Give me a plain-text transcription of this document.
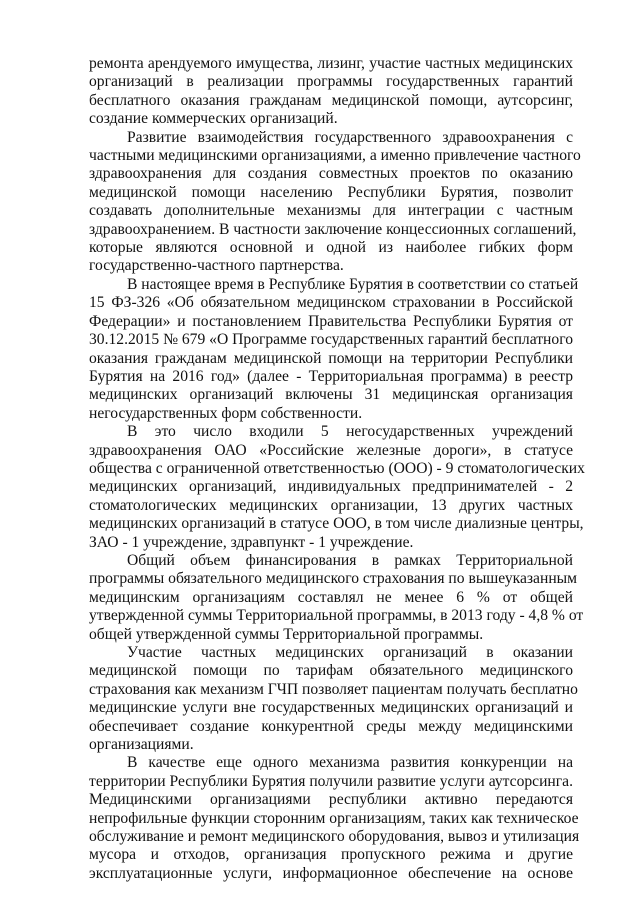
ремонта арендуемого имущества, лизинг, участие частных медицинских
организаций в реализации программы государственных гарантий
бесплатного оказания гражданам медицинской помощи, аутсорсинг,
создание коммерческих организаций.

Развитие взаимодействия государственного здравоохранения с
частными медицинскими организациями, а именно привлечение частного
здравоохранения для создания совместных проектов по оказанию
медицинской помощи населению Республики Бурятия, позволит
создавать дополнительные механизмы для интеграции с частным
здравоохранением. В частности заключение концессионных соглашений,
которые являются основной и одной из наиболее гибких форм
государственно-частного партнерства.

В настоящее время в Республике Бурятия в соответствии со статьей
15 ФЗ-326 «Об обязательном медицинском страховании в Российской
Федерации» и постановлением Правительства Республики Бурятия от
30.12.2015 № 679 «О Программе государственных гарантий бесплатного
оказания гражданам медицинской помощи на территории Республики
Бурятия на 2016 год» (далее - Территориальная программа) в реестр
медицинских организаций включены 31 медицинская организация
негосударственных форм собственности.

В это число входили 5 негосударственных учреждений
здравоохранения ОАО «Российские железные дороги», в статусе
общества с ограниченной ответственностью (ООО) - 9 стоматологических
медицинских организаций, индивидуальных предпринимателей - 2
стоматологических медицинских организации, 13 других частных
медицинских организаций в статусе ООО, в том числе диализные центры,
ЗАО - 1 учреждение, здравпункт - 1 учреждение.

Общий объем финансирования в рамках Территориальной
программы обязательного медицинского страхования по вышеуказанным
медицинским организациям составлял не менее 6 % от общей
утвержденной суммы Территориальной программы, в 2013 году - 4,8 % от
общей утвержденной суммы Территориальной программы.

Участие частных медицинских организаций в оказании
медицинской помощи по тарифам обязательного медицинского
страхования как механизм ГЧП позволяет пациентам получать бесплатно
медицинские услуги вне государственных медицинских организаций и
обеспечивает создание конкурентной среды между медицинскими
организациями.

В качестве еще одного механизма развития конкуренции на
территории Республики Бурятия получили развитие услуги аутсорсинга.
Медицинскими организациями республики активно передаются
непрофильные функции сторонним организациям, таких как техническое
обслуживание и ремонт медицинского оборудования, вывоз и утилизация
мусора и отходов, организация пропускного режима и другие
эксплуатационные услуги, информационное обеспечение на основе
